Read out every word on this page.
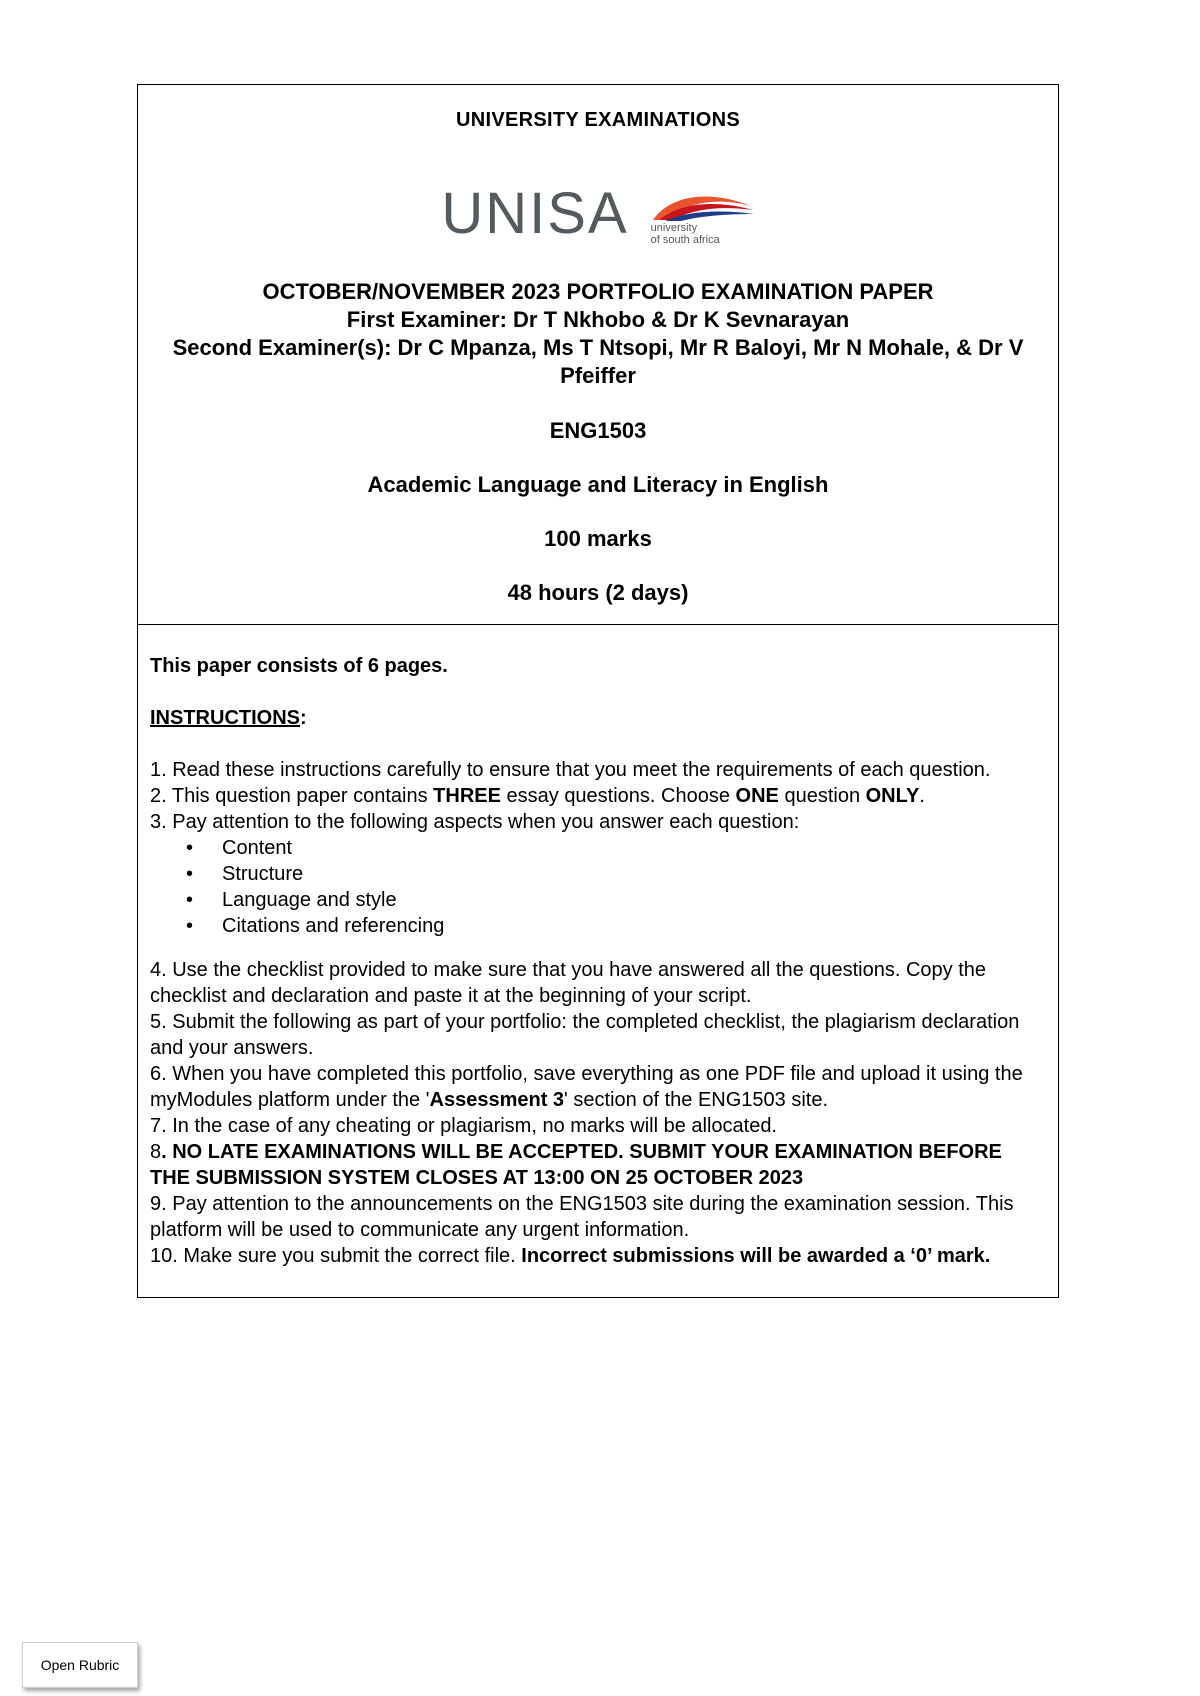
UNIVERSITY EXAMINATIONS
UNISA university
of south africa
OCTOBER/NOVEMBER 2023 PORTFOLIO EXAMINATION PAPER
First Examiner: Dr T Nkhobo & Dr K Sevnarayan
Second Examiner(s): Dr C Mpanza, Ms T Ntsopi, Mr R Baloyi, Mr N Mohale, & Dr V Pfeiffer
ENG1503
Academic Language and Literacy in English
100 marks
48 hours (2 days)

This paper consists of 6 pages.

INSTRUCTIONS:

1. Read these instructions carefully to ensure that you meet the requirements of each question.

2. This question paper contains THREE essay questions. Choose ONE question ONLY.

3. Pay attention to the following aspects when you answer each question:

• Content
• Structure
• Language and style
• Citations and referencing

4. Use the checklist provided to make sure that you have answered all the questions. Copy the checklist and declaration and paste it at the beginning of your script.

5. Submit the following as part of your portfolio: the completed checklist, the plagiarism declaration and your answers.

6. When you have completed this portfolio, save everything as one PDF file and upload it using the myModules platform under the 'Assessment 3' section of the ENG1503 site.

7. In the case of any cheating or plagiarism, no marks will be allocated.

8. NO LATE EXAMINATIONS WILL BE ACCEPTED. SUBMIT YOUR EXAMINATION BEFORE THE SUBMISSION SYSTEM CLOSES AT 13:00 ON 25 OCTOBER 2023

9. Pay attention to the announcements on the ENG1503 site during the examination session. This platform will be used to communicate any urgent information.

10. Make sure you submit the correct file. Incorrect submissions will be awarded a ‘0’ mark.

Open Rubric
